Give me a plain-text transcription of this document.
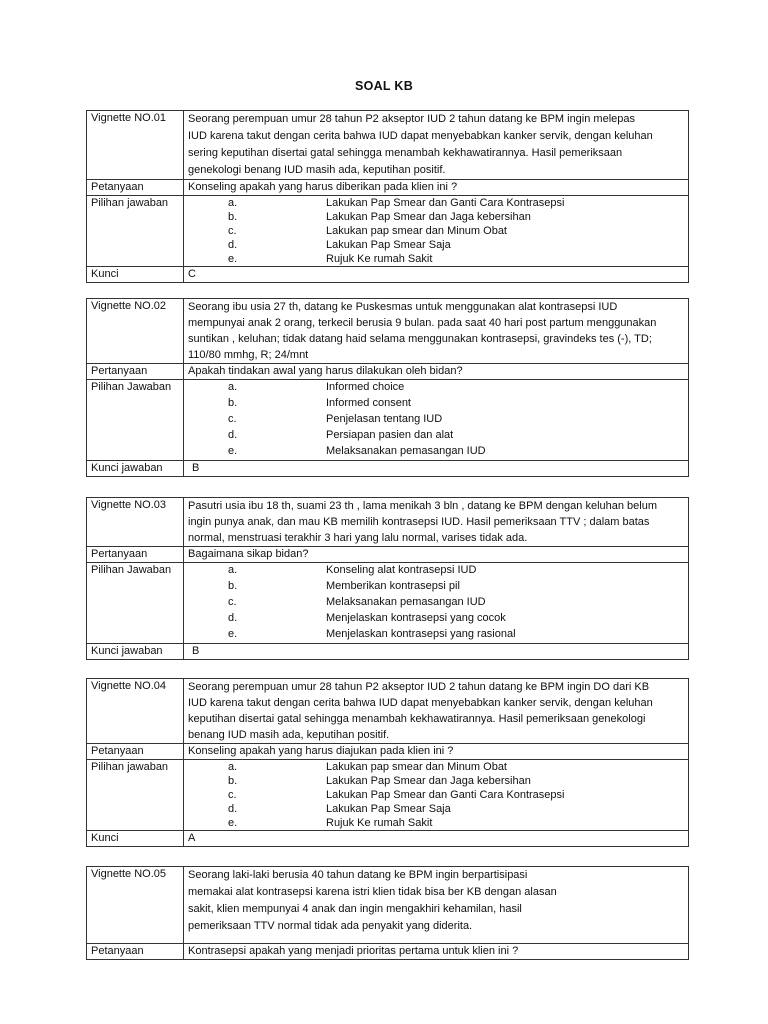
SOAL KB
Vignette NO.01	Seorang perempuan umur 28 tahun P2 akseptor IUD 2 tahun datang ke BPM ingin melepas
IUD karena takut dengan cerita bahwa IUD dapat menyebabkan kanker servik, dengan keluhan
sering keputihan disertai gatal sehingga menambah kekhawatirannya. Hasil pemeriksaan
genekologi benang IUD masih ada, keputihan positif.

Petanyaan	Konseling apakah yang harus diberikan pada klien ini ?
Pilihan jawaban	a. Lakukan Pap Smear dan Ganti Cara Kontrasepsi
b. Lakukan Pap Smear dan Jaga kebersihan
c. Lakukan pap smear dan Minum Obat
d. Lakukan Pap Smear Saja
e. Rujuk Ke rumah Sakit

Kunci	C
Vignette NO.02	Seorang ibu usia 27 th, datang ke Puskesmas untuk menggunakan alat kontrasepsi IUD
mempunyai anak 2 orang, terkecil berusia 9 bulan. pada saat 40 hari post partum menggunakan
suntikan , keluhan; tidak datang haid selama menggunakan kontrasepsi, gravindeks tes (-), TD;
110/80 mmhg, R; 24/mnt

Pertanyaan	Apakah tindakan awal yang harus dilakukan oleh bidan?
Pilihan Jawaban	a. Informed choice
b. Informed consent
c. Penjelasan tentang IUD
d. Persiapan pasien dan alat
e. Melaksanakan pemasangan IUD

Kunci jawaban	B
Vignette NO.03	Pasutri usia ibu 18 th, suami 23 th , lama menikah 3 bln , datang ke BPM dengan keluhan belum
ingin punya anak, dan mau KB memilih kontrasepsi IUD. Hasil pemeriksaan TTV ; dalam batas
normal, menstruasi terakhir 3 hari yang lalu normal, varises tidak ada.

Pertanyaan	Bagaimana sikap bidan?
Pilihan Jawaban	a. Konseling alat kontrasepsi IUD
b. Memberikan kontrasepsi pil
c. Melaksanakan pemasangan IUD
d. Menjelaskan kontrasepsi yang cocok
e. Menjelaskan kontrasepsi yang rasional

Kunci jawaban	B
Vignette NO.04	Seorang perempuan umur 28 tahun P2 akseptor IUD 2 tahun datang ke BPM ingin DO dari KB
IUD karena takut dengan cerita bahwa IUD dapat menyebabkan kanker servik, dengan keluhan
keputihan disertai gatal sehingga menambah kekhawatirannya. Hasil pemeriksaan genekologi
benang IUD masih ada, keputihan positif.

Petanyaan	Konseling apakah yang harus diajukan pada klien ini ?
Pilihan jawaban	a. Lakukan pap smear dan Minum Obat
b. Lakukan Pap Smear dan Jaga kebersihan
c. Lakukan Pap Smear dan Ganti Cara Kontrasepsi
d. Lakukan Pap Smear Saja
e. Rujuk Ke rumah Sakit

Kunci	A
Vignette NO.05	Seorang laki-laki berusia 40 tahun datang ke BPM ingin berpartisipasi
memakai alat kontrasepsi karena istri klien tidak bisa ber KB dengan alasan
sakit, klien mempunyai 4 anak dan ingin mengakhiri kehamilan, hasil
pemeriksaan TTV normal tidak ada penyakit yang diderita.

Petanyaan	Kontrasepsi apakah yang menjadi prioritas pertama untuk klien ini ?
